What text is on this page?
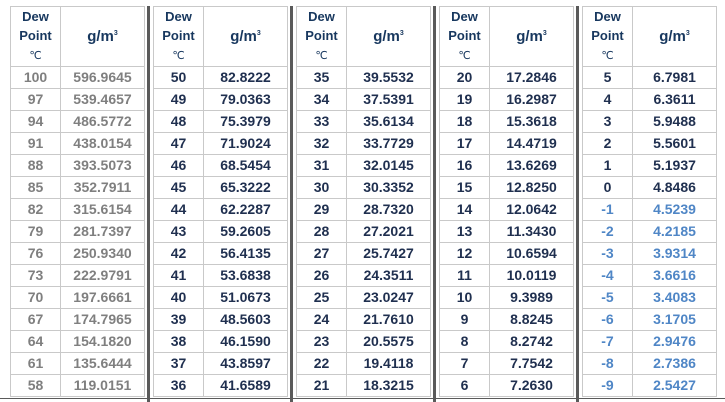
Dew
Point
℃	$g/m^3$
100	596.9645
97	539.4657
94	486.5772
91	438.0154
88	393.5073
85	352.7911
82	315.6154
79	281.7397
76	250.9340
73	222.9791
70	197.6661
67	174.7965
64	154.1820
61	135.6444
58	119.0151
Dew
Point
℃	$g/m^3$
50	82.8222
49	79.0363
48	75.3979
47	71.9024
46	68.5454
45	65.3222
44	62.2287
43	59.2605
42	56.4135
41	53.6838
40	51.0673
39	48.5603
38	46.1590
37	43.8597
36	41.6589
Dew
Point
℃	$g/m^3$
35	39.5532
34	37.5391
33	35.6134
32	33.7729
31	32.0145
30	30.3352
29	28.7320
28	27.2021
27	25.7427
26	24.3511
25	23.0247
24	21.7610
23	20.5575
22	19.4118
21	18.3215
Dew
Point
℃	$g/m^3$
20	17.2846
19	16.2987
18	15.3618
17	14.4719
16	13.6269
15	12.8250
14	12.0642
13	11.3430
12	10.6594
11	10.0119
10	9.3989
9	8.8245
8	8.2742
7	7.7542
6	7.2630
Dew
Point
℃	$g/m^3$
5	6.7981
4	6.3611
3	5.9488
2	5.5601
1	5.1937
0	4.8486
-1	4.5239
-2	4.2185
-3	3.9314
-4	3.6616
-5	3.4083
-6	3.1705
-7	2.9476
-8	2.7386
-9	2.5427
